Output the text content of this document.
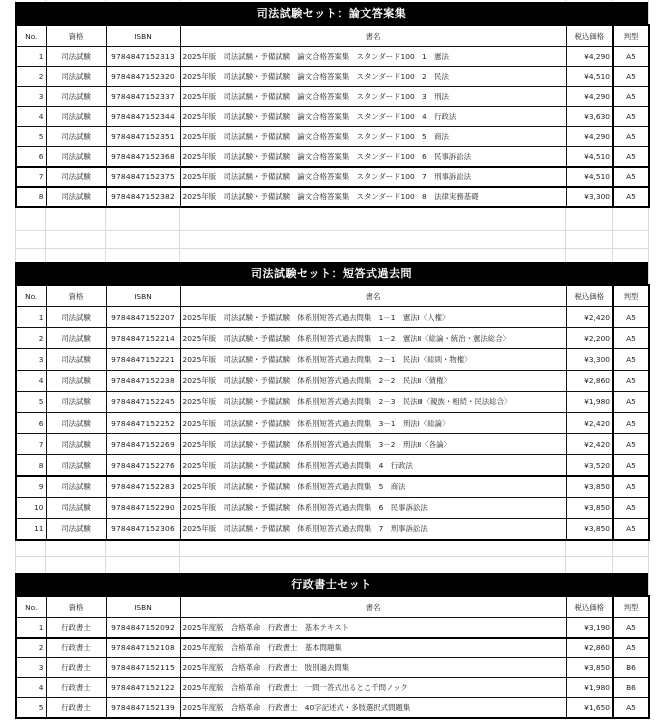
司法試験セット：論文答案集
No.	資格	ISBN	書名	税込価格	判型
1	司法試験	9784847152313	2025年版　司法試験・予備試験　論文合格答案集　スタンダード100　1　憲法	¥4,290	A5
2	司法試験	9784847152320	2025年版　司法試験・予備試験　論文合格答案集　スタンダード100　2　民法	¥4,510	A5
3	司法試験	9784847152337	2025年版　司法試験・予備試験　論文合格答案集　スタンダード100　3　刑法	¥4,290	A5
4	司法試験	9784847152344	2025年版　司法試験・予備試験　論文合格答案集　スタンダード100　4　行政法	¥3,630	A5
5	司法試験	9784847152351	2025年版　司法試験・予備試験　論文合格答案集　スタンダード100　5　商法	¥4,290	A5
6	司法試験	9784847152368	2025年版　司法試験・予備試験　論文合格答案集　スタンダード100　6　民事訴訟法	¥4,510	A5
7	司法試験	9784847152375	2025年版　司法試験・予備試験　論文合格答案集　スタンダード100　7　刑事訴訟法	¥4,510	A5
8	司法試験	9784847152382	2025年版　司法試験・予備試験　論文合格答案集　スタンダード100　8　法律実務基礎	¥3,300	A5
司法試験セット：短答式過去問
No.	資格	ISBN	書名	税込価格	判型
1	司法試験	9784847152207	2025年版　司法試験・予備試験　体系別短答式過去問集　1－1　憲法Ⅰ〈人権〉	¥2,420	A5
2	司法試験	9784847152214	2025年版　司法試験・予備試験　体系別短答式過去問集　1－2　憲法Ⅱ〈総論・統治・憲法総合〉	¥2,200	A5
3	司法試験	9784847152221	2025年版　司法試験・予備試験　体系別短答式過去問集　2－1　民法Ⅰ〈総則・物権〉	¥3,300	A5
4	司法試験	9784847152238	2025年版　司法試験・予備試験　体系別短答式過去問集　2－2　民法Ⅱ〈債権〉	¥2,860	A5
5	司法試験	9784847152245	2025年版　司法試験・予備試験　体系別短答式過去問集　2－3　民法Ⅲ〈親族・相続・民法総合〉	¥1,980	A5
6	司法試験	9784847152252	2025年版　司法試験・予備試験　体系別短答式過去問集　3－1　刑法Ⅰ〈総論〉	¥2,420	A5
7	司法試験	9784847152269	2025年版　司法試験・予備試験　体系別短答式過去問集　3－2　刑法Ⅱ〈各論〉	¥2,420	A5
8	司法試験	9784847152276	2025年版　司法試験・予備試験　体系別短答式過去問集　4　行政法	¥3,520	A5
9	司法試験	9784847152283	2025年版　司法試験・予備試験　体系別短答式過去問集　5　商法	¥3,850	A5
10	司法試験	9784847152290	2025年版　司法試験・予備試験　体系別短答式過去問集　6　民事訴訟法	¥3,850	A5
11	司法試験	9784847152306	2025年版　司法試験・予備試験　体系別短答式過去問集　7　刑事訴訟法	¥3,850	A5
行政書士セット
No.	資格	ISBN	書名	税込価格	判型
1	行政書士	9784847152092	2025年度版　合格革命　行政書士　基本テキスト	¥3,190	A5
2	行政書士	9784847152108	2025年度版　合格革命　行政書士　基本問題集	¥2,860	A5
3	行政書士	9784847152115	2025年度版　合格革命　行政書士　肢別過去問集	¥3,850	B6
4	行政書士	9784847152122	2025年度版　合格革命　行政書士　一問一答式出るとこ千問ノック	¥1,980	B6
5	行政書士	9784847152139	2025年度版　合格革命　行政書士　40字記述式・多肢選択式問題集	¥1,650	A5
